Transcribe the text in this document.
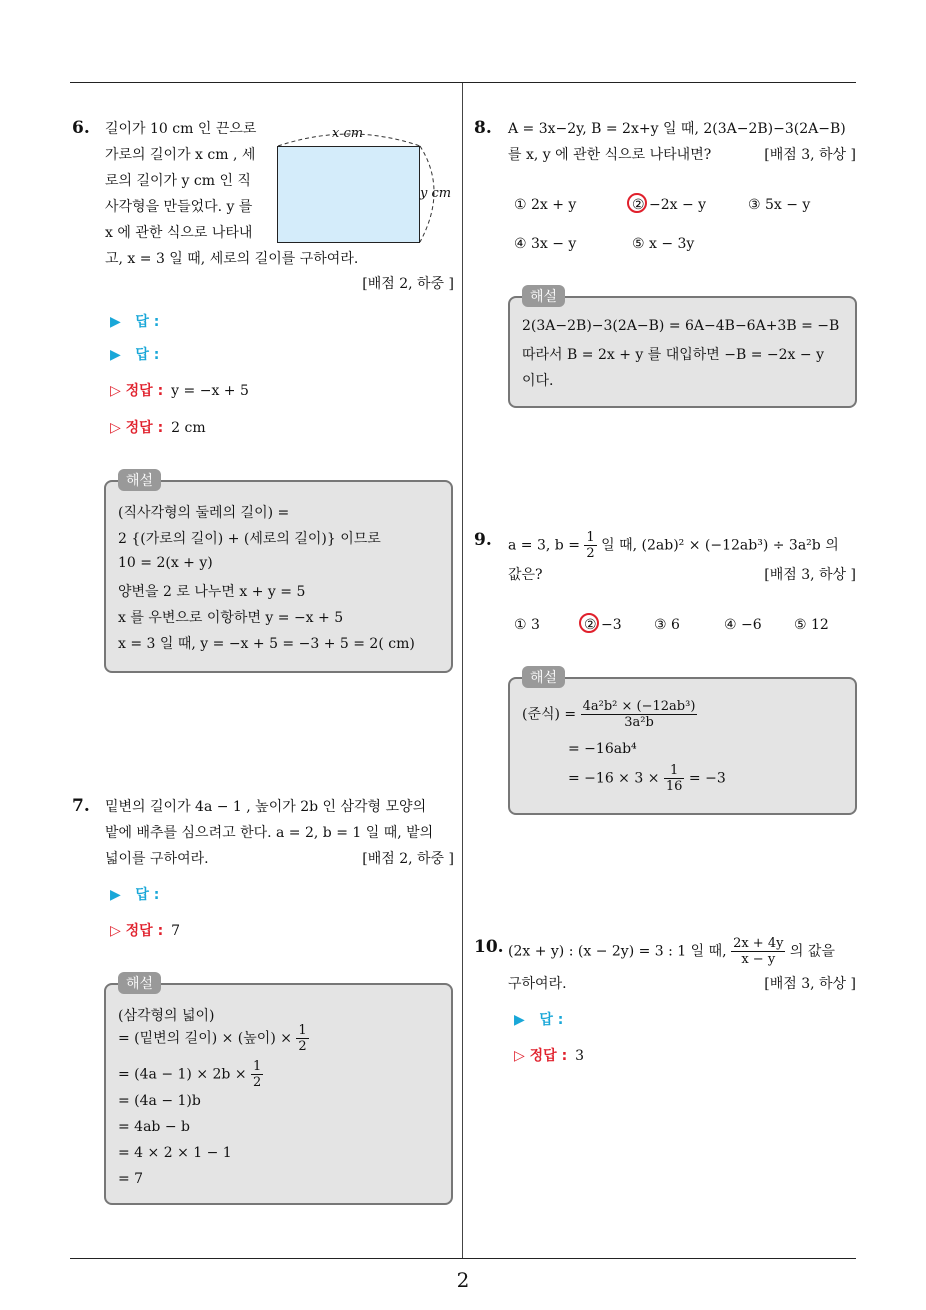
2
6. 길이가 10 cm 인 끈으로
가로의 길이가 x cm , 세
로의 길이가 y cm 인 직
사각형을 만들었다. y 를
x 에 관한 식으로 나타내
고, x = 3 일 때, 세로의 길이를 구하여라.
[배점 2, 하중 ]
x cm
y cm
▶ 답 :
▶ 답 :
▷ 정답 : y = −x + 5
▷ 정답 : 2 cm
(직사각형의 둘레의 길이) =
2 {(가로의 길이) + (세로의 길이)} 이므로
10 = 2(x + y)
양변을 2 로 나누면 x + y = 5
x 를 우변으로 이항하면 y = −x + 5
x = 3 일 때, y = −x + 5 = −3 + 5 = 2( cm)
해설
7. 밑변의 길이가 4a − 1 , 높이가 2b 인 삼각형 모양의
밭에 배추를 심으려고 한다. a = 2, b = 1 일 때, 밭의
넓이를 구하여라.	[배점 2, 하중 ]
▶ 답 :
▷ 정답 : 7
(삼각형의 넓이)
= (밑변의 길이) × (높이) × $\frac{1}{2}$
= $(4a - 1) \times 2b \times \frac{1}{2}$
= (4a − 1)b
= 4ab − b
= 4 × 2 × 1 − 1
= 7
해설
8. A = 3x−2y, B = 2x+y 일 때, 2(3A−2B)−3(2A−B)
를 x, y 에 관한 식으로 나타내면?	[배점 3, 하상 ]
① 2x + y	② −2x − y	③ 5x − y
④ 3x − y	⑤ x − 3y
2(3A−2B)−3(2A−B) = 6A−4B−6A+3B = −B
따라서 B = 2x + y 를 대입하면 −B = −2x − y
이다.
해설
9. a = 3, $b = \frac{1}{2}$ 일 때, (2ab)² × (−12ab³) ÷ 3a²b 의
값은?	[배점 3, 하상 ]
① 3	② −3 ③ 6	④ −6 ⑤ 12
(준식) = $\frac{\text{4a²b² × (−12ab³)}}{\text{3a²b}}$
= −16ab⁴
= $-16 \times 3 \times \frac{1}{16} = -3$
해설
10. (2x + y) : (x − 2y) = 3 : 1 일 때, $\frac{2x + 4y}{x - y}$ 의 값을
구하여라.	[배점 3, 하상 ]
▶ 답 :
▷ 정답 : 3
